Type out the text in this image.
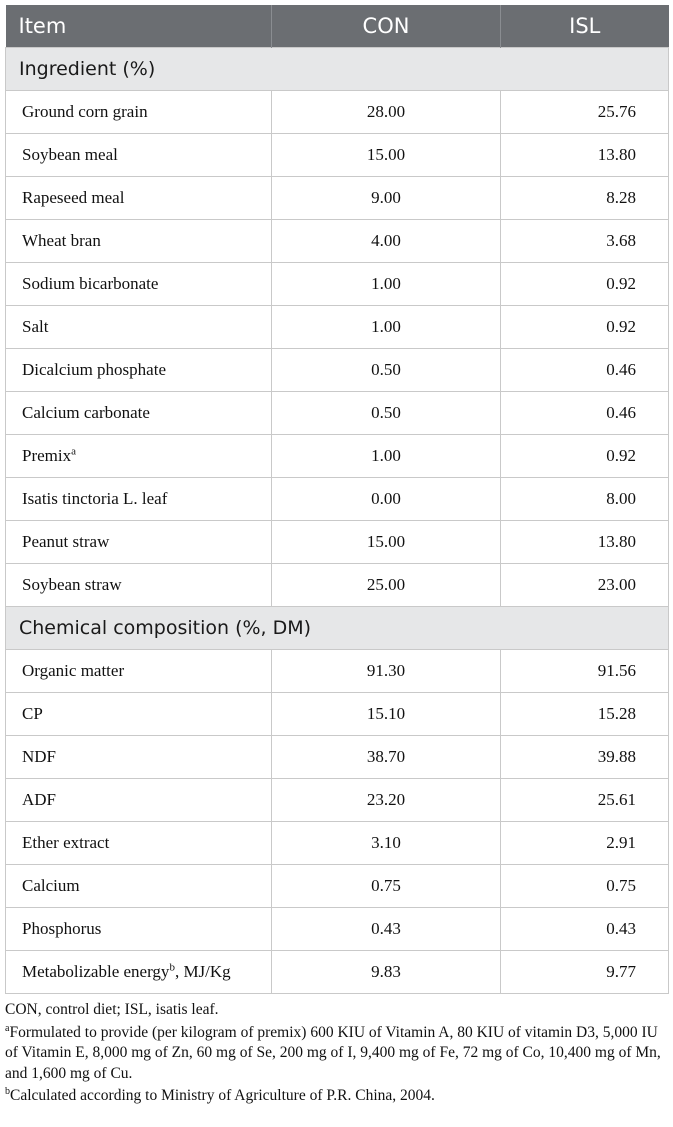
Item	CON	ISL
Ingredient (%)		
Ground corn grain	28.00	25.76
Soybean meal	15.00	13.80
Rapeseed meal	9.00	8.28
Wheat bran	4.00	3.68
Sodium bicarbonate	1.00	0.92
Salt	1.00	0.92
Dicalcium phosphate	0.50	0.46
Calcium carbonate	0.50	0.46
Premix$^a$	1.00	0.92
Isatis tinctoria L. leaf	0.00	8.00
Peanut straw	15.00	13.80
Soybean straw	25.00	23.00
Chemical composition (%, DM)		
Organic matter	91.30	91.56
CP	15.10	15.28
NDF	38.70	39.88
ADF	23.20	25.61
Ether extract	3.10	2.91
Calcium	0.75	0.75
Phosphorus	0.43	0.43
Metabolizable energy$^b$, MJ/Kg	9.83	9.77

CON, control diet; ISL, isatis leaf.

$^a$Formulated to provide (per kilogram of premix) 600 KIU of Vitamin A, 80 KIU of vitamin D3, 5,000 IU of Vitamin E, 8,000 mg of Zn, 60 mg of Se, 200 mg of I, 9,400 mg of Fe, 72 mg of Co, 10,400 mg of Mn, and 1,600 mg of Cu.

$^b$Calculated according to Ministry of Agriculture of P.R. China, 2004.
